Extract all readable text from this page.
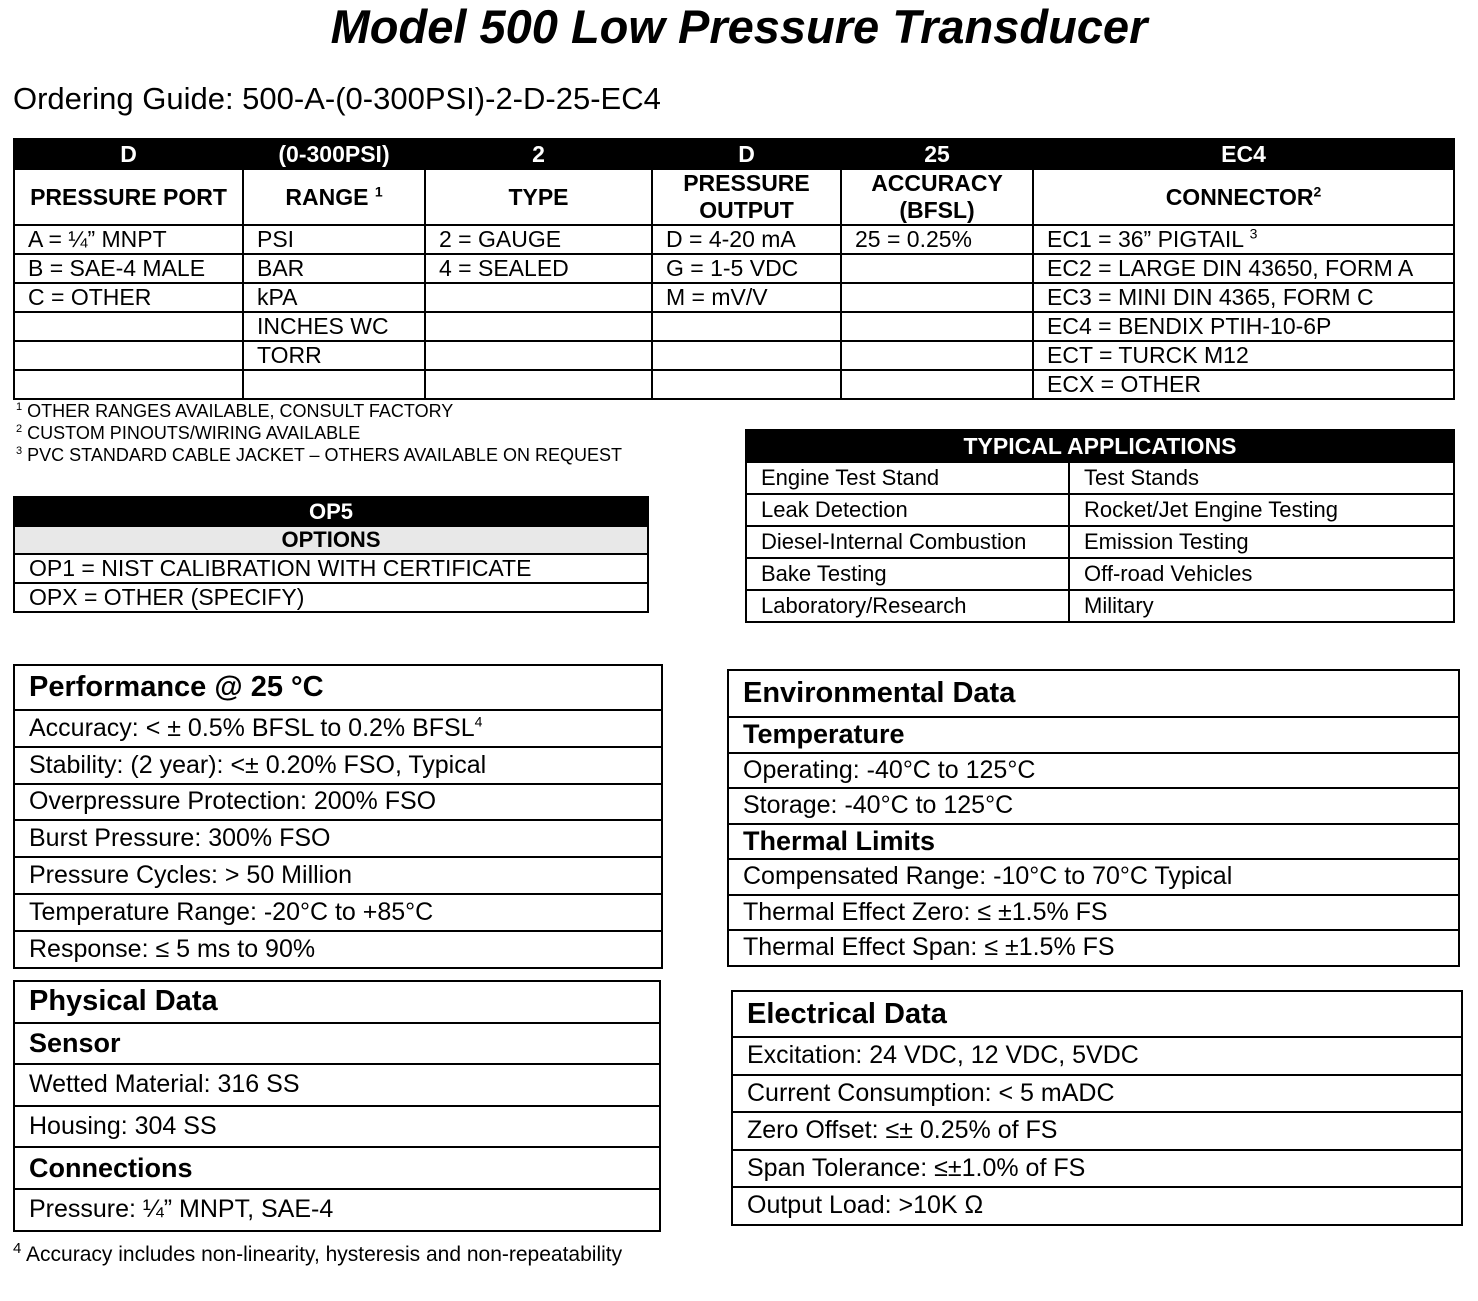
Model 500 Low Pressure Transducer
Ordering Guide: 500-A-(0-300PSI)-2-D-25-EC4
D	(0-300PSI)	2	D	25	EC4
PRESSURE PORT	RANGE $^1$	TYPE	PRESSURE OUTPUT	ACCURACY (BFSL)	CONNECTOR$^2$
A = ¼” MNPT	PSI	2 = GAUGE	D = 4-20 mA	25 = 0.25%	EC1 = 36” PIGTAIL $^3$
B = SAE-4 MALE	BAR	4 = SEALED	G = 1-5 VDC		EC2 = LARGE DIN 43650, FORM A
C = OTHER	kPA		M = mV/V		EC3 = MINI DIN 4365, FORM C
	INCHES WC				EC4 = BENDIX PTIH-10-6P
	TORR				ECT = TURCK M12
					ECX = OTHER
$^1$ OTHER RANGES AVAILABLE, CONSULT FACTORY
$^2$ CUSTOM PINOUTS/WIRING AVAILABLE
$^3$ PVC STANDARD CABLE JACKET – OTHERS AVAILABLE ON REQUEST
OP5
OPTIONS
OP1 = NIST CALIBRATION WITH CERTIFICATE
OPX = OTHER (SPECIFY)
TYPICAL APPLICATIONS	
Engine Test Stand	Test Stands
Leak Detection	Rocket/Jet Engine Testing
Diesel-Internal Combustion	Emission Testing
Bake Testing	Off-road Vehicles
Laboratory/Research	Military
Performance @ 25 °C
Accuracy: < ± 0.5% BFSL to 0.2% BFSL$^4$
Stability: (2 year): <± 0.20% FSO, Typical
Overpressure Protection: 200% FSO
Burst Pressure: 300% FSO
Pressure Cycles: > 50 Million
Temperature Range: -20°C to +85°C
Response: ≤ 5 ms to 90%
Physical Data
Sensor
Wetted Material: 316 SS
Housing: 304 SS
Connections
Pressure: ¼” MNPT, SAE-4
Environmental Data
Temperature
Operating: -40°C to 125°C
Storage: -40°C to 125°C
Thermal Limits
Compensated Range: -10°C to 70°C Typical
Thermal Effect Zero: ≤ ±1.5% FS
Thermal Effect Span: ≤ ±1.5% FS
Electrical Data
Excitation: 24 VDC, 12 VDC, 5VDC
Current Consumption: < 5 mADC
Zero Offset: ≤± 0.25% of FS
Span Tolerance: ≤±1.0% of FS
Output Load: >10K Ω
$^4$ Accuracy includes non-linearity, hysteresis and non-repeatability
